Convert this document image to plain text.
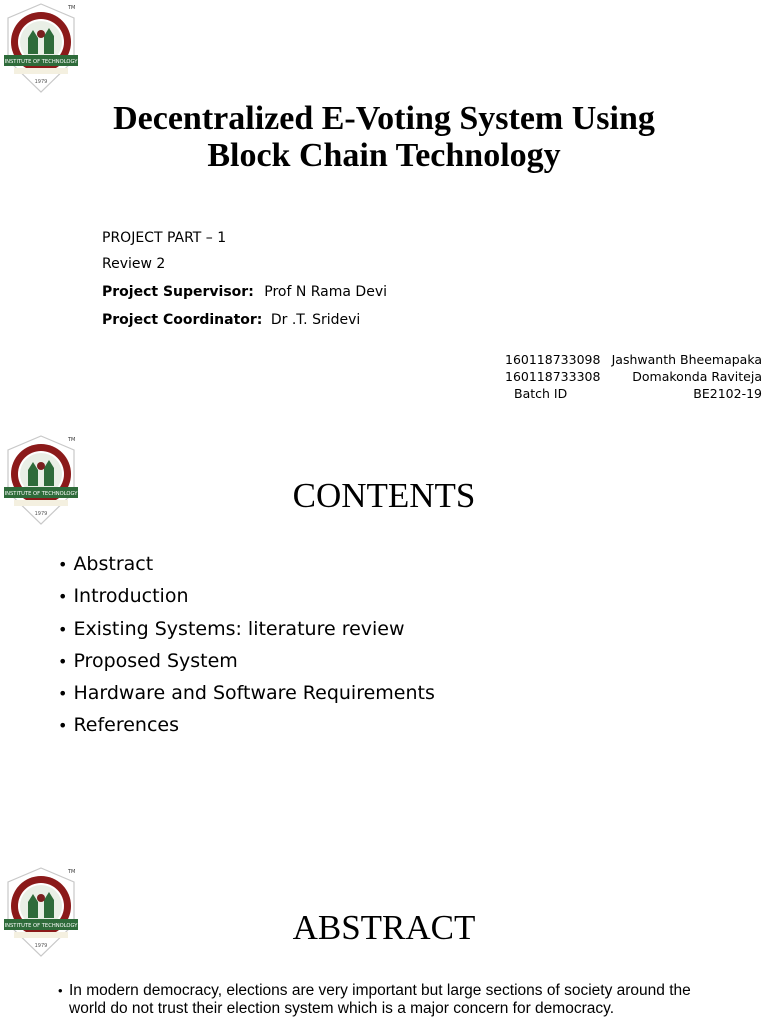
INSTITUTE OF TECHNOLOGY
1979
TM
Decentralized E-Voting System Using
Block Chain Technology
PROJECT PART – 1
Review 2
Project Supervisor: Prof N Rama Devi
Project Coordinator: Dr .T. Sridevi
160118733098
160118733308
Batch ID
Jashwanth Bheemapaka
Domakonda Raviteja
BE2102-19
INSTITUTE OF TECHNOLOGY
1979
TM
CONTENTS
• Abstract
• Introduction
• Existing Systems: literature review
• Proposed System
• Hardware and Software Requirements
• References
INSTITUTE OF TECHNOLOGY
1979
TM
ABSTRACT
• In modern democracy, elections are very important but large sections of society around the world do not trust their election system which is a major concern for democracy.
